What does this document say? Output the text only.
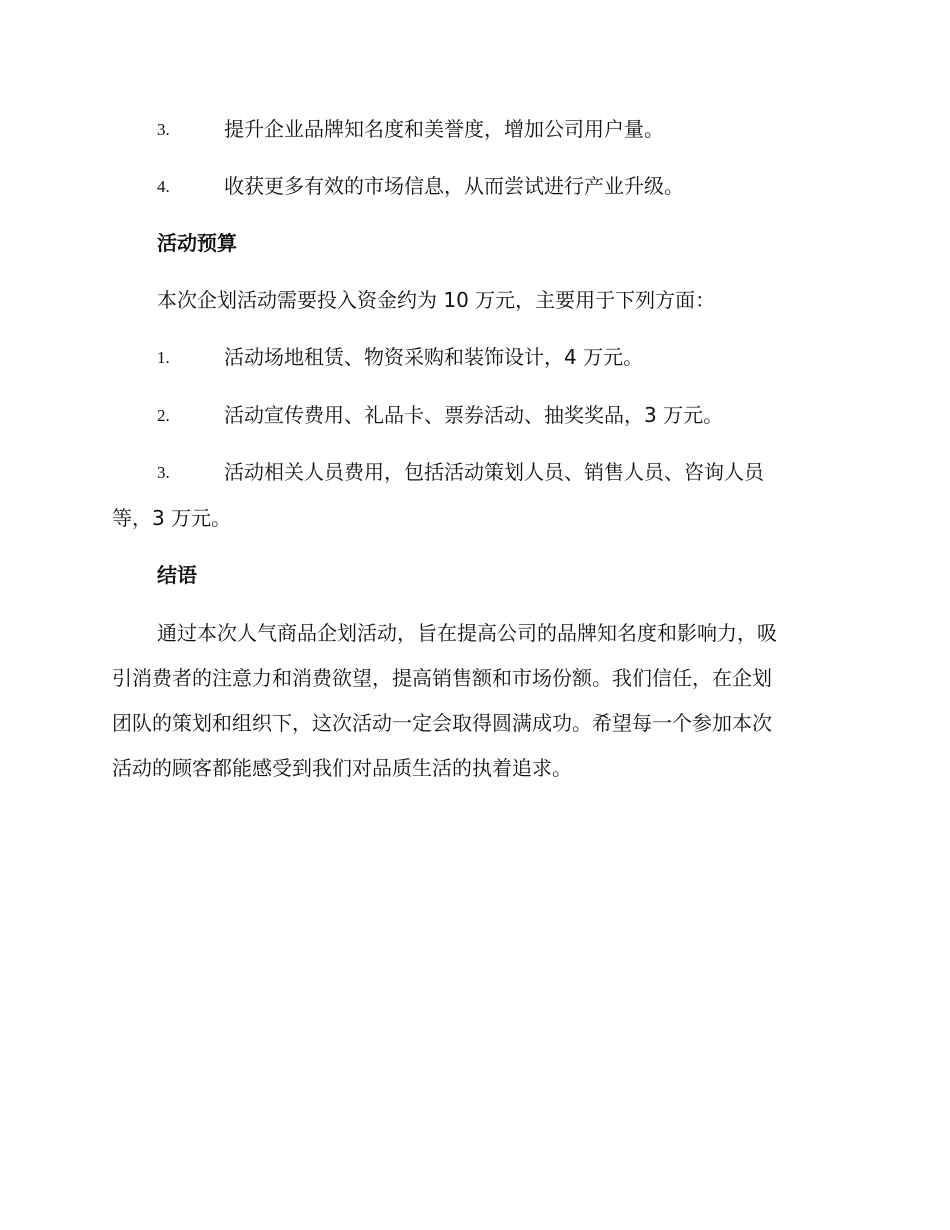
3.	提升企业品牌知名度和美誉度，增加公司用户量。
4.	收获更多有效的市场信息，从而尝试进行产业升级。
活动预算
本次企划活动需要投入资金约为 10 万元，主要用于下列方面：
1.	活动场地租赁、物资采购和装饰设计，4 万元。
2.	活动宣传费用、礼品卡、票券活动、抽奖奖品，3 万元。
3.	活动相关人员费用，包括活动策划人员、销售人员、咨询人员
等，3 万元。
结语
通过本次人气商品企划活动，旨在提高公司的品牌知名度和影响力，吸
引消费者的注意力和消费欲望，提高销售额和市场份额。我们信任，在企划
团队的策划和组织下，这次活动一定会取得圆满成功。希望每一个参加本次
活动的顾客都能感受到我们对品质生活的执着追求。
